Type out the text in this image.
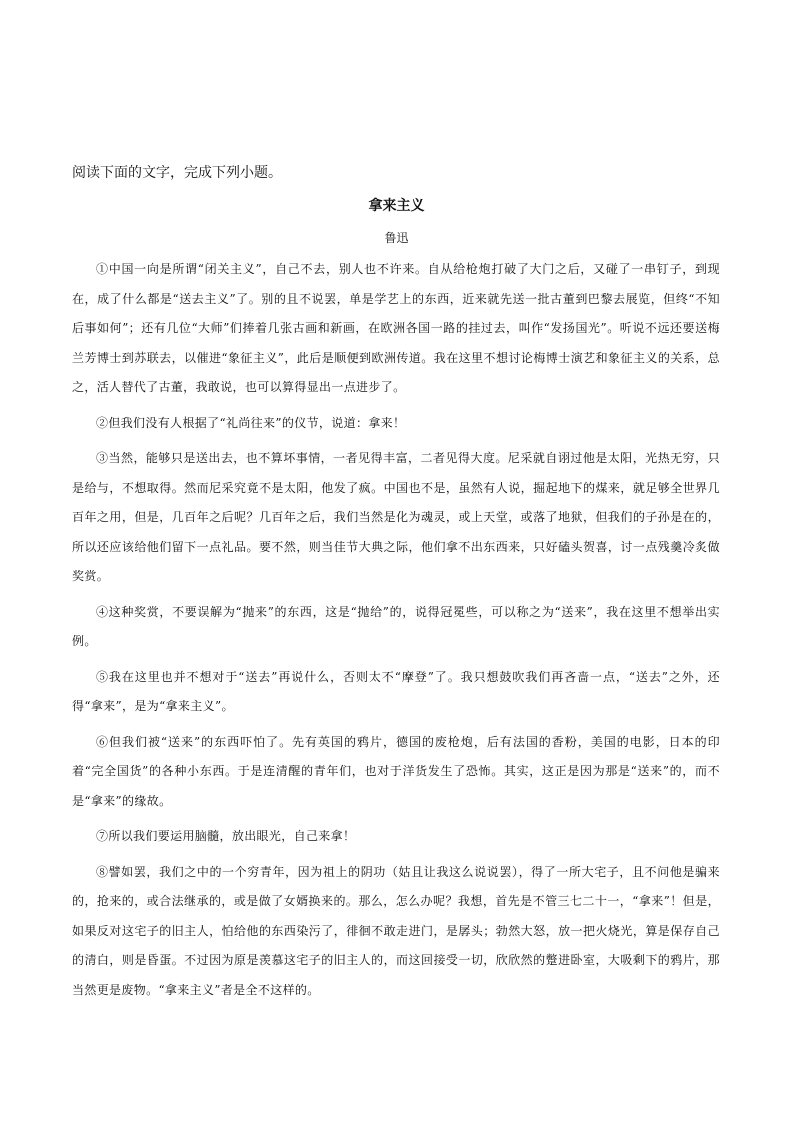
阅读下面的文字，完成下列小题。
拿来主义
鲁迅

①中国一向是所谓“闭关主义”，自己不去，别人也不许来。自从给枪炮打破了大门之后，又碰了一串钉子，到现在，成了什么都是“送去主义”了。别的且不说罢，单是学艺上的东西，近来就先送一批古董到巴黎去展览，但终“不知后事如何”；还有几位“大师”们捧着几张古画和新画，在欧洲各国一路的挂过去，叫作“发扬国光”。听说不远还要送梅兰芳博士到苏联去，以催进“象征主义”，此后是顺便到欧洲传道。我在这里不想讨论梅博士演艺和象征主义的关系，总之，活人替代了古董，我敢说，也可以算得显出一点进步了。

②但我们没有人根据了“礼尚往来”的仪节，说道：拿来！

③当然，能够只是送出去，也不算坏事情，一者见得丰富，二者见得大度。尼采就自诩过他是太阳，光热无穷，只是给与，不想取得。然而尼采究竟不是太阳，他发了疯。中国也不是，虽然有人说，掘起地下的煤来，就足够全世界几百年之用，但是，几百年之后呢？几百年之后，我们当然是化为魂灵，或上天堂，或落了地狱，但我们的子孙是在的，所以还应该给他们留下一点礼品。要不然，则当佳节大典之际，他们拿不出东西来，只好磕头贺喜，讨一点残羹冷炙做奖赏。

④这种奖赏，不要误解为“抛来”的东西，这是“抛给”的，说得冠冕些，可以称之为“送来”，我在这里不想举出实例。

⑤我在这里也并不想对于“送去”再说什么，否则太不“摩登”了。我只想鼓吹我们再吝啬一点，“送去”之外，还得“拿来”，是为“拿来主义”。

⑥但我们被“送来”的东西吓怕了。先有英国的鸦片，德国的废枪炮，后有法国的香粉，美国的电影，日本的印着“完全国货”的各种小东西。于是连清醒的青年们，也对于洋货发生了恐怖。其实，这正是因为那是“送来”的，而不是“拿来”的缘故。

⑦所以我们要运用脑髓，放出眼光，自己来拿！

⑧譬如罢，我们之中的一个穷青年，因为祖上的阴功（姑且让我这么说说罢），得了一所大宅子，且不问他是骗来的，抢来的，或合法继承的，或是做了女婿换来的。那么，怎么办呢？我想，首先是不管三七二十一，“拿来”！但是，如果反对这宅子的旧主人，怕给他的东西染污了，徘徊不敢走进门，是孱头；勃然大怒，放一把火烧光，算是保存自己的清白，则是昏蛋。不过因为原是羡慕这宅子的旧主人的，而这回接受一切，欣欣然的蹩进卧室，大吸剩下的鸦片，那当然更是废物。“拿来主义”者是全不这样的。
